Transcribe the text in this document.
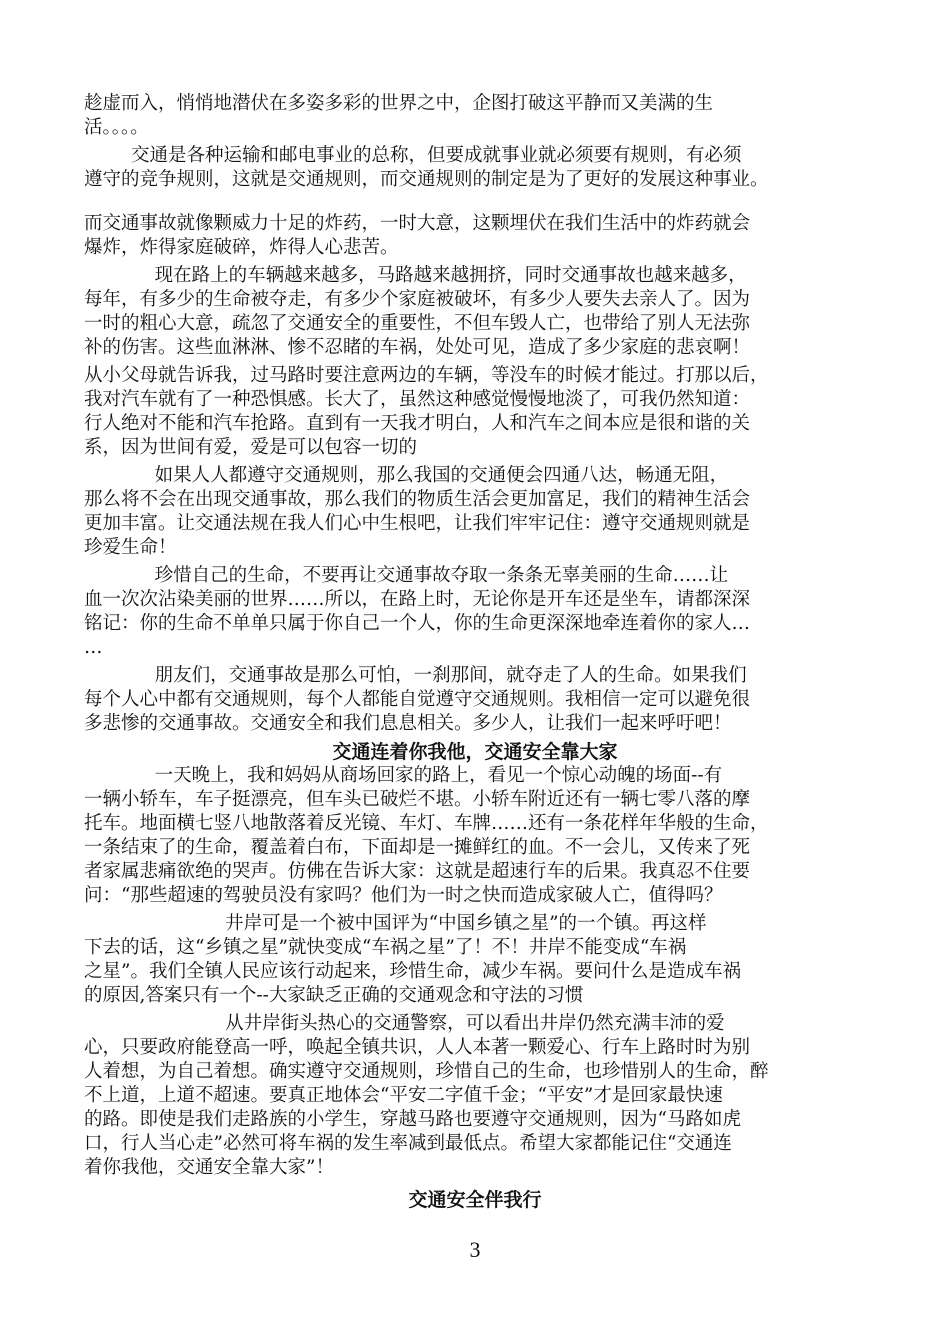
趁虚而入，悄悄地潜伏在多姿多彩的世界之中，企图打破这平静而又美满的生
活。。。。
交通是各种运输和邮电事业的总称，但要成就事业就必须要有规则，有必须
遵守的竞争规则，这就是交通规则，而交通规则的制定是为了更好的发展这种事业。
而交通事故就像颗威力十足的炸药，一时大意，这颗埋伏在我们生活中的炸药就会
爆炸，炸得家庭破碎，炸得人心悲苦。
现在路上的车辆越来越多，马路越来越拥挤，同时交通事故也越来越多，
每年，有多少的生命被夺走，有多少个家庭被破坏，有多少人要失去亲人了。因为
一时的粗心大意，疏忽了交通安全的重要性，不但车毁人亡，也带给了别人无法弥
补的伤害。这些血淋淋、惨不忍睹的车祸，处处可见，造成了多少家庭的悲哀啊！
从小父母就告诉我，过马路时要注意两边的车辆，等没车的时候才能过。打那以后，
我对汽车就有了一种恐惧感。长大了，虽然这种感觉慢慢地淡了，可我仍然知道：
行人绝对不能和汽车抢路。直到有一天我才明白，人和汽车之间本应是很和谐的关
系，因为世间有爱，爱是可以包容一切的
如果人人都遵守交通规则，那么我国的交通便会四通八达，畅通无阻，
那么将不会在出现交通事故，那么我们的物质生活会更加富足，我们的精神生活会
更加丰富。让交通法规在我人们心中生根吧，让我们牢牢记住：遵守交通规则就是
珍爱生命！
珍惜自己的生命，不要再让交通事故夺取一条条无辜美丽的生命……让
血一次次沾染美丽的世界……所以，在路上时，无论你是开车还是坐车，请都深深
铭记：你的生命不单单只属于你自己一个人，你的生命更深深地牵连着你的家人…
…
朋友们，交通事故是那么可怕，一刹那间，就夺走了人的生命。如果我们
每个人心中都有交通规则，每个人都能自觉遵守交通规则。我相信一定可以避免很
多悲惨的交通事故。交通安全和我们息息相关。多少人，让我们一起来呼吁吧！
交通连着你我他，交通安全靠大家
一天晚上，我和妈妈从商场回家的路上，看见一个惊心动魄的场面--有
一辆小轿车，车子挺漂亮，但车头已破烂不堪。小轿车附近还有一辆七零八落的摩
托车。地面横七竖八地散落着反光镜、车灯、车牌……还有一条花样年华般的生命，
一条结束了的生命，覆盖着白布，下面却是一摊鲜红的血。不一会儿，又传来了死
者家属悲痛欲绝的哭声。仿佛在告诉大家：这就是超速行车的后果。我真忍不住要
问：“那些超速的驾驶员没有家吗？他们为一时之快而造成家破人亡，值得吗？
井岸可是一个被中国评为“中国乡镇之星”的一个镇。再这样
下去的话，这“乡镇之星”就快变成“车祸之星”了！不！井岸不能变成“车祸
之星”。我们全镇人民应该行动起来，珍惜生命，减少车祸。要问什么是造成车祸
的原因,答案只有一个--大家缺乏正确的交通观念和守法的习惯
从井岸街头热心的交通警察，可以看出井岸仍然充满丰沛的爱
心，只要政府能登高一呼，唤起全镇共识，人人本著一颗爱心、行车上路时时为别
人着想，为自己着想。确实遵守交通规则，珍惜自己的生命，也珍惜别人的生命，醉
不上道，上道不超速。要真正地体会“平安二字值千金；“平安”才是回家最快速
的路。即使是我们走路族的小学生，穿越马路也要遵守交通规则，因为“马路如虎
口，行人当心走”必然可将车祸的发生率减到最低点。希望大家都能记住“交通连
着你我他，交通安全靠大家”！
交通安全伴我行
3
